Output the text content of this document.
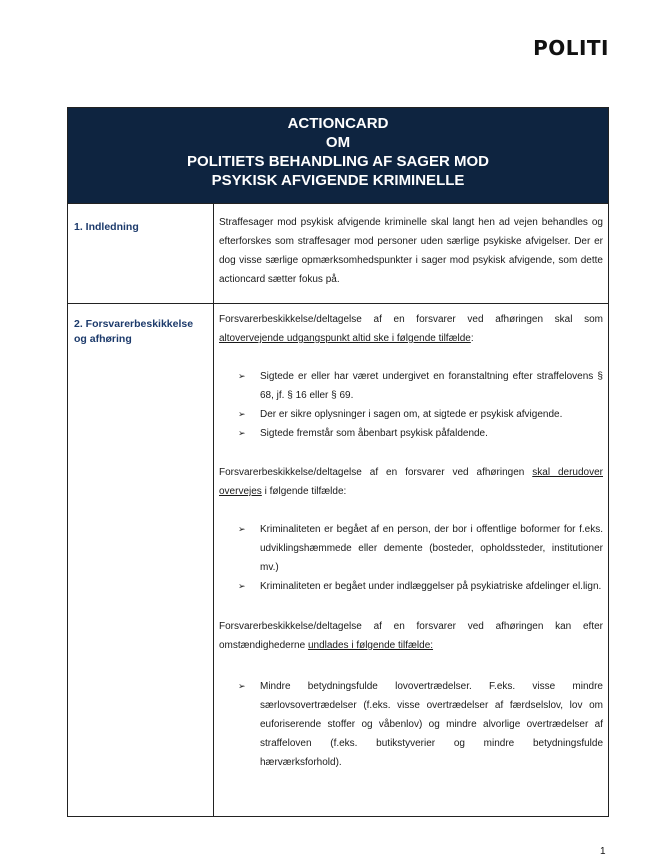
POLITI
ACTIONCARD
OM
POLITIETS BEHANDLING AF SAGER MOD
PSYKISK AFVIGENDE KRIMINELLE
1. Indledning	Straffesager mod psykisk afvigende kriminelle skal langt hen ad vejen behandles og efterforskes som straffesager mod personer uden særlige psykiske afvigelser. Der er dog visse særlige opmærksomhedspunkter i sager mod psykisk afvigende, som dette actioncard sætter fokus på.

2. Forsvarerbeskikkelse og afhøring

Forsvarerbeskikkelse/deltagelse af en forsvarer ved afhøringen skal som altovervejende udgangspunkt altid ske i følgende tilfælde:

➢ Sigtede er eller har været undergivet en foranstaltning efter straffelovens § 68, jf. § 16 eller § 69.
➢ Der er sikre oplysninger i sagen om, at sigtede er psykisk afvigende.
➢ Sigtede fremstår som åbenbart psykisk påfaldende.

Forsvarerbeskikkelse/deltagelse af en forsvarer ved afhøringen skal derudover overvejes i følgende tilfælde:

➢ Kriminaliteten er begået af en person, der bor i offentlige boformer for f.eks. udviklingshæmmede eller demente (bosteder, opholdssteder, institutioner mv.)
➢ Kriminaliteten er begået under indlæggelser på psykiatriske afdelinger el.lign.

Forsvarerbeskikkelse/deltagelse af en forsvarer ved afhøringen kan efter omstændighederne undlades i følgende tilfælde:

➢ Mindre betydningsfulde lovovertrædelser. F.eks. visse mindre særlovsovertrædelser (f.eks. visse overtrædelser af færdselslov, lov om euforiserende stoffer og våbenlov) og mindre alvorlige overtrædelser af straffeloven (f.eks. butikstyverier og mindre betydningsfulde hærværksforhold).
1
